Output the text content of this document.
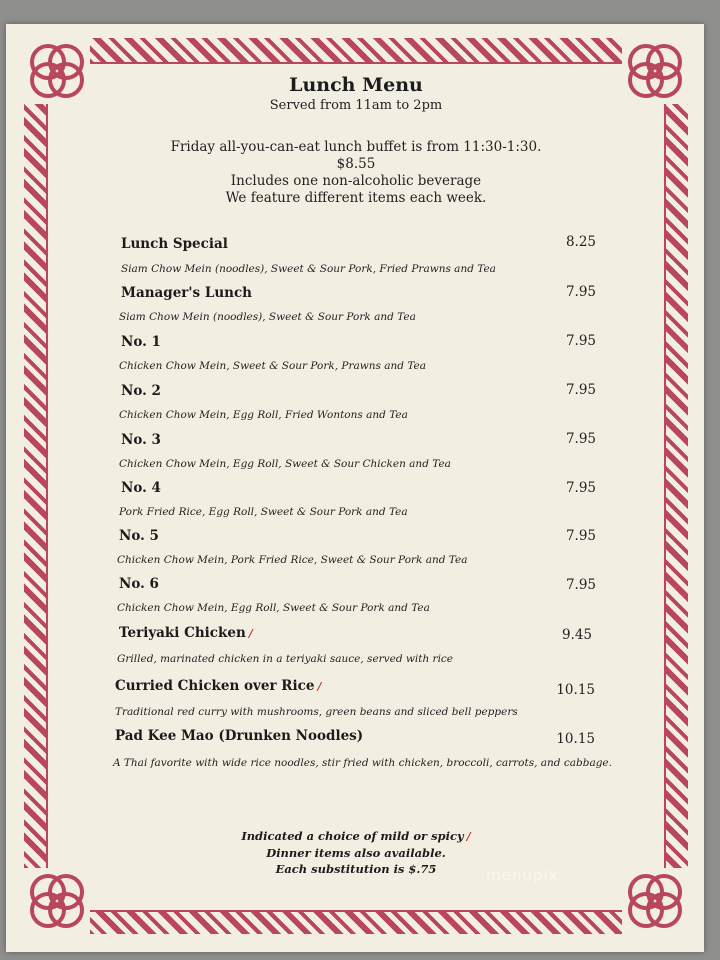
Lunch Menu
Served from 11am to 2pm
Friday all-you-can-eat lunch buffet is from 11:30-1:30.
$8.55
Includes one non-alcoholic beverage
We feature different items each week.
Lunch Special	8.25
Siam Chow Mein (noodles), Sweet & Sour Pork, Fried Prawns and Tea
Manager's Lunch	7.95
Siam Chow Mein (noodles), Sweet & Sour Pork and Tea
No. 1	7.95
Chicken Chow Mein, Sweet & Sour Pork, Prawns and Tea
No. 2	7.95
Chicken Chow Mein, Egg Roll, Fried Wontons and Tea
No. 3	7.95
Chicken Chow Mein, Egg Roll, Sweet & Sour Chicken and Tea
No. 4	7.95
Pork Fried Rice, Egg Roll, Sweet & Sour Pork and Tea
No. 5	7.95
Chicken Chow Mein, Pork Fried Rice, Sweet & Sour Pork and Tea
No. 6	7.95
Chicken Chow Mein, Egg Roll, Sweet & Sour Pork and Tea
Teriyaki Chicken ∕	9.45
Grilled, marinated chicken in a teriyaki sauce, served with rice
Curried Chicken over Rice ∕	10.15
Traditional red curry with mushrooms, green beans and sliced bell peppers
Pad Kee Mao (Drunken Noodles)	10.15
A Thai favorite with wide rice noodles, stir fried with chicken, broccoli, carrots, and cabbage.
Indicated a choice of mild or spicy ∕
Dinner items also available.
Each substitution is $.75	menupix
